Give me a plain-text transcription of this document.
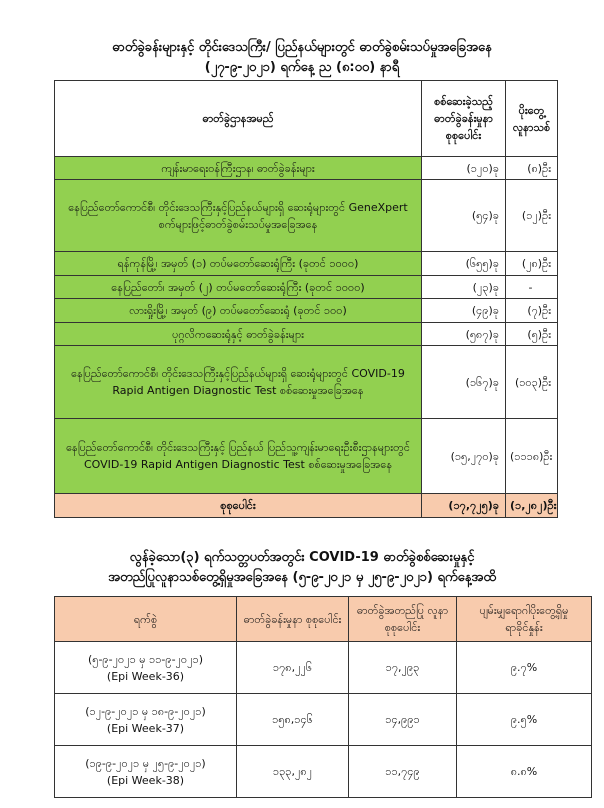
ဓာတ်ခွဲခန်းများနှင့် တိုင်းဒေသကြီး/ ပြည်နယ်များတွင် ဓာတ်ခွဲစမ်းသပ်မှုအခြေအနေ
(၂၇-၉-၂၀၂၁) ရက်နေ့ ည (၈:၀၀) နာရီ
ဓာတ်ခွဲဌာနအမည်	စစ်ဆေးခဲ့သည့် ဓာတ်ခွဲခန်းမှုနာ စုစုပေါင်း	ပိုးတွေ့ လူနာသစ်
ကျန်းမာရေးဝန်ကြီးဌာန၊ ဓာတ်ခွဲခန်းများ	(၁၂၀)ခု	(၈)ဦး
နေပြည်တော်ကောင်စီ၊ တိုင်းဒေသကြီးနှင့်ပြည်နယ်များရှိ ဆေးရုံများတွင် GeneXpert စက်များဖြင့်ဓာတ်ခွဲစမ်းသပ်မှုအခြေအနေ	(၅၄)ခု	(၁၂)ဦး
ရန်ကုန်မြို့၊ အမှတ် (၁) တပ်မတော်ဆေးရုံကြီး (ခုတင် ၁၀၀၀)	(၆၅၅)ခု	(၂၈)ဦး
နေပြည်တော်၊ အမှတ် (၂) တပ်မတော်ဆေးရုံကြီး (ခုတင် ၁၀၀၀)	(၂၃)ခု	-
လားရှိုးမြို့၊ အမှတ် (၉) တပ်မတော်ဆေးရုံ (ခုတင် ၁၀၀)	(၄၉)ခု	(၇)ဦး
ပုဂ္ဂလိကဆေးရုံနှင့် ဓာတ်ခွဲခန်းများ	(၅၈၇)ခု	(၅)ဦး
နေပြည်တော်ကောင်စီ၊ တိုင်းဒေသကြီးနှင့်ပြည်နယ်များရှိ ဆေးရုံများတွင် COVID-19 Rapid Antigen Diagnostic Test စစ်ဆေးမှုအခြေအနေ	(၁၆၇)ခု	(၁၀၃)ဦး
နေပြည်တော်ကောင်စီ၊ တိုင်းဒေသကြီးနှင့် ပြည်နယ် ပြည်သူ့ကျန်းမာရေးဦးစီးဌာနများတွင် COVID-19 Rapid Antigen Diagnostic Test စစ်ဆေးမှုအခြေအနေ	(၁၅,၂၇၀)ခု	(၁၁၁၈)ဦး
စုစုပေါင်း	(၁၇,၇၂၅)ခု	(၁,၂၈၂)ဦး
လွန်ခဲ့သော(၃) ရက်သတ္တပတ်အတွင်း COVID-19 ဓာတ်ခွဲစစ်ဆေးမှုနှင့်
အတည်ပြုလူနာသစ်တွေ့ရှိမှုအခြေအနေ (၅-၉-၂၀၂၁ မှ ၂၅-၉-၂၀၂၁) ရက်နေ့အထိ
ရက်စွဲ	ဓာတ်ခွဲခန်းမှုနာ စုစုပေါင်း	ဓာတ်ခွဲအတည်ပြု လူနာစုစုပေါင်း	ပျမ်းမျှရောဂါပိုးတွေ့ရှိမှု ရာခိုင်နှုန်း

(၅-၉-၂၀၂၁ မှ ၁၁-၉-၂၀၂၁)
(Epi Week-36)	၁၇၈,၂၂၆	၁၇,၂၉၃	၉.၇%

(၁၂-၉-၂၀၂၁ မှ ၁၈-၉-၂၀၂၁)
(Epi Week-37)	၁၅၈,၁၄၆	၁၄,၉၉၁	၉.၅%

(၁၉-၉-၂၀၂၁ မှ ၂၅-၉-၂၀၂၁)
(Epi Week-38)	၁၃၃,၂၈၂	၁၁,၇၄၉	၈.၈%
